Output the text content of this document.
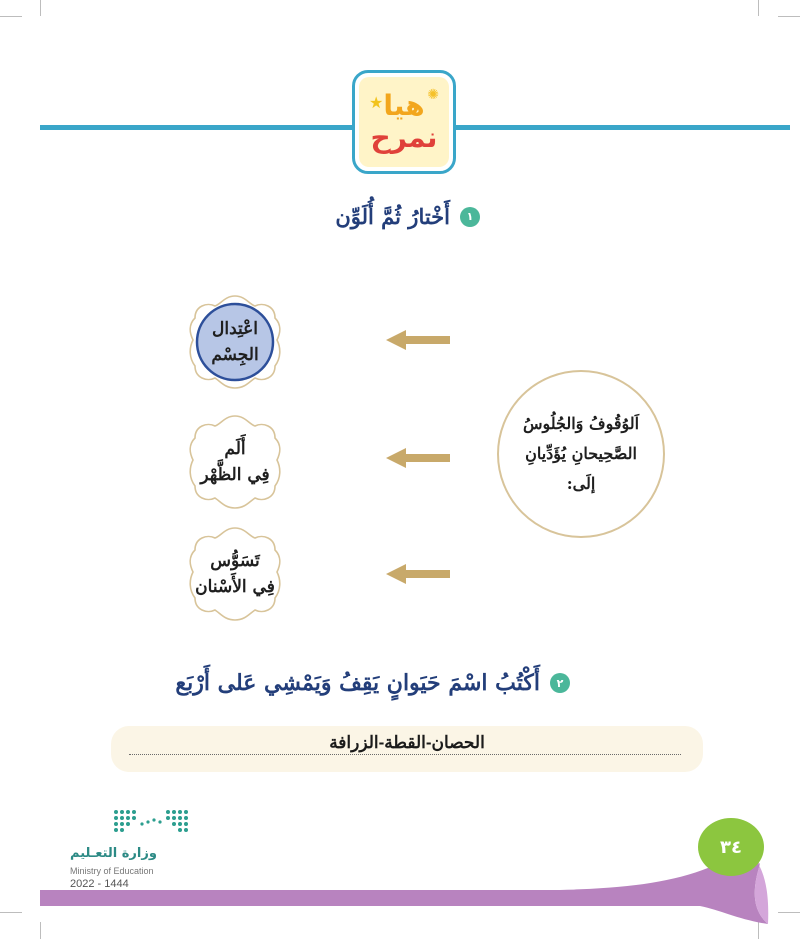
★	✺
هيا
نمرح
١
أَخْتارُ ثُمَّ أُلَوِّن
اعْتِدال
الجِسْم
أَلَم
فِي الظَّهْر
تَسَوُّس
فِي الأَسْنان
اَلوُقُوفُ وَالجُلُوسُ
الصَّحِيحانِ يُؤَدِّيانِ
إلَى:
٢
أَكْتُبُ اسْمَ حَيَوانٍ يَقِفُ وَيَمْشِي عَلى أَرْبَع
الحصان-القطة-الزرافة
وزارة التعـليم
Ministry of Education
2022 - 1444
٣٤
